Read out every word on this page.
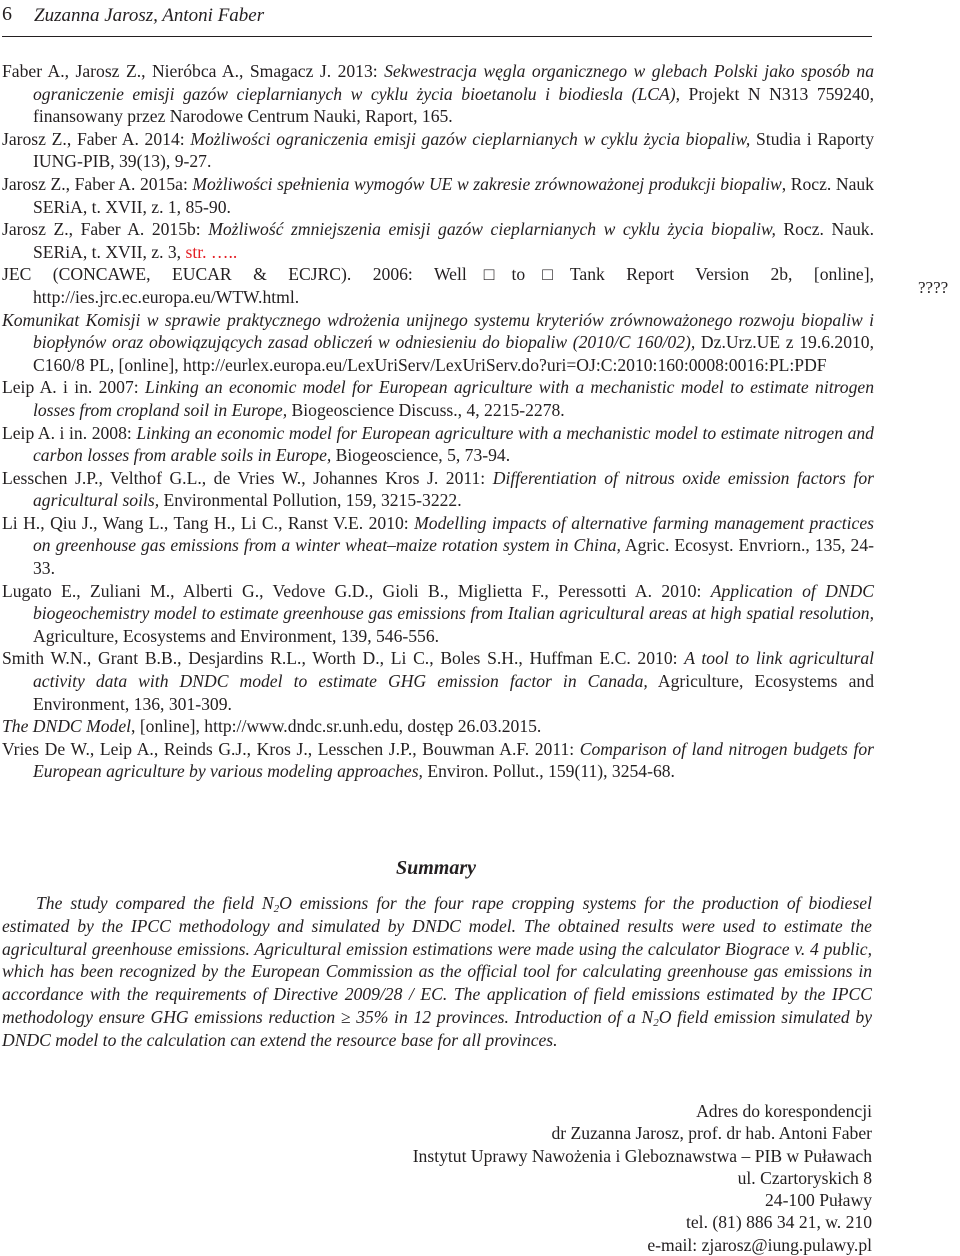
6 Zuzanna Jarosz, Antoni Faber
????

Faber A., Jarosz Z., Nieróbca A., Smagacz J. 2013: Sekwestracja węgla organicznego w glebach Polski jako sposób na ograniczenie emisji gazów cieplarnianych w cyklu życia bioetanolu i biodiesla (LCA), Projekt N N313 759240, finansowany przez Narodowe Centrum Nauki, Raport, 165.

Jarosz Z., Faber A. 2014: Możliwości ograniczenia emisji gazów cieplarnianych w cyklu życia biopaliw, Studia i Raporty IUNG-PIB, 39(13), 9-27.

Jarosz Z., Faber A. 2015a: Możliwości spełnienia wymogów UE w zakresie zrównoważonej produkcji biopaliw, Rocz. Nauk SERiA, t. XVII, z. 1, 85-90.

Jarosz Z., Faber A. 2015b: Możliwość zmniejszenia emisji gazów cieplarnianych w cyklu życia biopaliw, Rocz. Nauk. SERiA, t. XVII, z. 3, str. …..

JEC (CONCAWE, EUCAR & ECJRC). 2006: Well□to□Tank Report Version 2b, [online], http://ies.jrc.ec.europa.eu/WTW.html.

Komunikat Komisji w sprawie praktycznego wdrożenia unijnego systemu kryteriów zrównoważonego rozwoju biopaliw i biopłynów oraz obowiązujących zasad obliczeń w odniesieniu do biopaliw (2010/C 160/02), Dz.Urz.UE z 19.6.2010, C160/8 PL, [online], http://eurlex.europa.eu/LexUriServ/LexUriServ.do?uri=OJ:C:2010:160:0008:0016:PL:PDF

Leip A. i in. 2007: Linking an economic model for European agriculture with a mechanistic model to estimate nitrogen losses from cropland soil in Europe, Biogeoscience Discuss., 4, 2215-2278.

Leip A. i in. 2008: Linking an economic model for European agriculture with a mechanistic model to estimate nitrogen and carbon losses from arable soils in Europe, Biogeoscience, 5, 73-94.

Lesschen J.P., Velthof G.L., de Vries W., Johannes Kros J. 2011: Differentiation of nitrous oxide emission factors for agricultural soils, Environmental Pollution, 159, 3215-3222.

Li H., Qiu J., Wang L., Tang H., Li C., Ranst V.E. 2010: Modelling impacts of alternative farming management practices on greenhouse gas emissions from a winter wheat–maize rotation system in China, Agric. Ecosyst. Envriorn., 135, 24-33.

Lugato E., Zuliani M., Alberti G., Vedove G.D., Gioli B., Miglietta F., Peressotti A. 2010: Application of DNDC biogeochemistry model to estimate greenhouse gas emissions from Italian agricultural areas at high spatial resolution, Agriculture, Ecosystems and Environment, 139, 546-556.

Smith W.N., Grant B.B., Desjardins R.L., Worth D., Li C., Boles S.H., Huffman E.C. 2010: A tool to link agricultural activity data with DNDC model to estimate GHG emission factor in Canada, Agriculture, Ecosystems and Environment, 136, 301-309.

The DNDC Model, [online], http://www.dndc.sr.unh.edu, dostęp 26.03.2015.

Vries De W., Leip A., Reinds G.J., Kros J., Lesschen J.P., Bouwman A.F. 2011: Comparison of land nitrogen budgets for European agriculture by various modeling approaches, Environ. Pollut., 159(11), 3254-68.

Summary

The study compared the field $N_2O$ emissions for the four rape cropping systems for the production of biodiesel estimated by the IPCC methodology and simulated by DNDC model. The obtained results were used to estimate the agricultural greenhouse emissions. Agricultural emission estimations were made using the calculator Biograce v. 4 public, which has been recognized by the European Commission as the official tool for calculating greenhouse gas emissions in accordance with the requirements of Directive 2009/28 / EC. The application of field emissions estimated by the IPCC methodology ensure GHG emissions reduction ≥ 35% in 12 provinces. Introduction of a $N_2O$ field emission simulated by DNDC model to the calculation can extend the resource base for all provinces.

Adres do korespondencji
dr Zuzanna Jarosz, prof. dr hab. Antoni Faber
Instytut Uprawy Nawożenia i Gleboznawstwa – PIB w Puławach
ul. Czartoryskich 8
24-100 Puławy
tel. (81) 886 34 21, w. 210
e-mail: zjarosz@iung.pulawy.pl
